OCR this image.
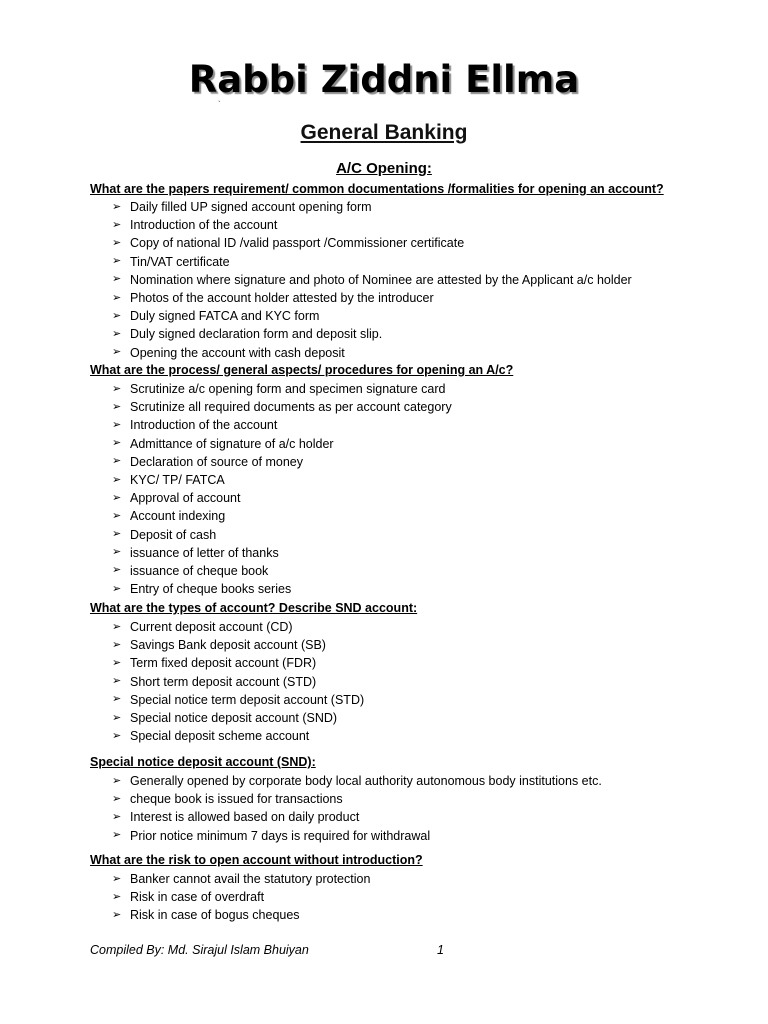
Rabbi Ziddni Ellma
`
General Banking
A/C Opening:
What are the papers requirement/ common documentations /formalities for opening an account?
➢ Daily filled UP signed account opening form
➢ Introduction of the account
➢ Copy of national ID /valid passport /Commissioner certificate
➢ Tin/VAT certificate
➢ Nomination where signature and photo of Nominee are attested by the Applicant a/c holder
➢ Photos of the account holder attested by the introducer
➢ Duly signed FATCA and KYC form
➢ Duly signed declaration form and deposit slip.
➢ Opening the account with cash deposit
What are the process/ general aspects/ procedures for opening an A/c?
➢ Scrutinize a/c opening form and specimen signature card
➢ Scrutinize all required documents as per account category
➢ Introduction of the account
➢ Admittance of signature of a/c holder
➢ Declaration of source of money
➢ KYC/ TP/ FATCA
➢ Approval of account
➢ Account indexing
➢ Deposit of cash
➢ issuance of letter of thanks
➢ issuance of cheque book
➢ Entry of cheque books series
What are the types of account? Describe SND account:
➢ Current deposit account (CD)
➢ Savings Bank deposit account (SB)
➢ Term fixed deposit account (FDR)
➢ Short term deposit account (STD)
➢ Special notice term deposit account (STD)
➢ Special notice deposit account (SND)
➢ Special deposit scheme account
Special notice deposit account (SND):
➢ Generally opened by corporate body local authority autonomous body institutions etc.
➢ cheque book is issued for transactions
➢ Interest is allowed based on daily product
➢ Prior notice minimum 7 days is required for withdrawal
What are the risk to open account without introduction?
➢ Banker cannot avail the statutory protection
➢ Risk in case of overdraft
➢ Risk in case of bogus cheques
Compiled By: Md. Sirajul Islam Bhuiyan	1
